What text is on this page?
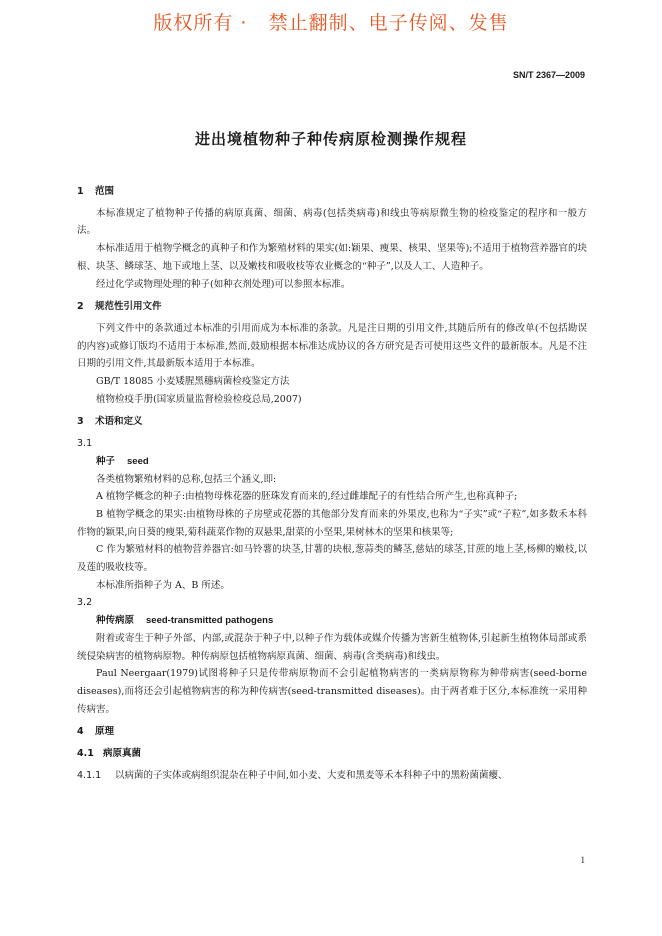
版权所有 ·   禁止翻制、电子传阅、发售
SN/T 2367—2009
进出境植物种子种传病原检测操作规程
1 范围

本标准规定了植物种子传播的病原真菌、细菌、病毒(包括类病毒)和线虫等病原微生物的检疫鉴定的程序和一般方法。

本标准适用于植物学概念的真种子和作为繁殖材料的果实(如:颖果、瘦果、核果、坚果等);不适用于植物营养器官的块根、块茎、鳞球茎、地下或地上茎、以及嫩枝和吸收枝等农业概念的“种子”,以及人工、人造种子。

经过化学或物理处理的种子(如种衣剂处理)可以参照本标准。

2 规范性引用文件

下列文件中的条款通过本标准的引用而成为本标准的条款。凡是注日期的引用文件,其随后所有的修改单(不包括勘误的内容)或修订版均不适用于本标准,然而,鼓励根据本标准达成协议的各方研究是否可使用这些文件的最新版本。凡是不注日期的引用文件,其最新版本适用于本标准。

GB/T 18085 小麦矮腥黑穗病菌检疫鉴定方法

植物检疫手册(国家质量监督检验检疫总局,2007)

3 术语和定义

3.1

种子 seed

各类植物繁殖材料的总称,包括三个涵义,即:

A 植物学概念的种子:由植物母株花器的胚珠发育而来的,经过雌雄配子的有性结合所产生,也称真种子;

B 植物学概念的果实:由植物母株的子房壁或花器的其他部分发育而来的外果皮,也称为“子实”或“子粒”,如多数禾本科作物的颖果,向日葵的瘦果,菊科蔬菜作物的双悬果,甜菜的小坚果,果树林木的坚果和核果等;

C 作为繁殖材料的植物营养器官:如马铃薯的块茎,甘薯的块根,葱蒜类的鳞茎,慈姑的球茎,甘蔗的地上茎,杨柳的嫩枝,以及莲的吸收枝等。

本标准所指种子为 A、B 所述。

3.2

种传病原 seed-transmitted pathogens

附着或寄生于种子外部、内部,或混杂于种子中,以种子作为载体或媒介传播为害新生植物体,引起新生植物体局部或系统侵染病害的植物病原物。种传病原包括植物病原真菌、细菌、病毒(含类病毒)和线虫。

Paul Neergaar(1979)试图将种子只是传带病原物而不会引起植物病害的一类病原物称为种带病害(seed-borne diseases),而将还会引起植物病害的称为种传病害(seed-transmitted diseases)。由于两者难于区分,本标准统一采用种传病害。

4 原理
4.1 病原真菌

4.1.1 以病菌的子实体或病组织混杂在种子中间,如小麦、大麦和黑麦等禾本科种子中的黑粉菌菌瘿、

1
